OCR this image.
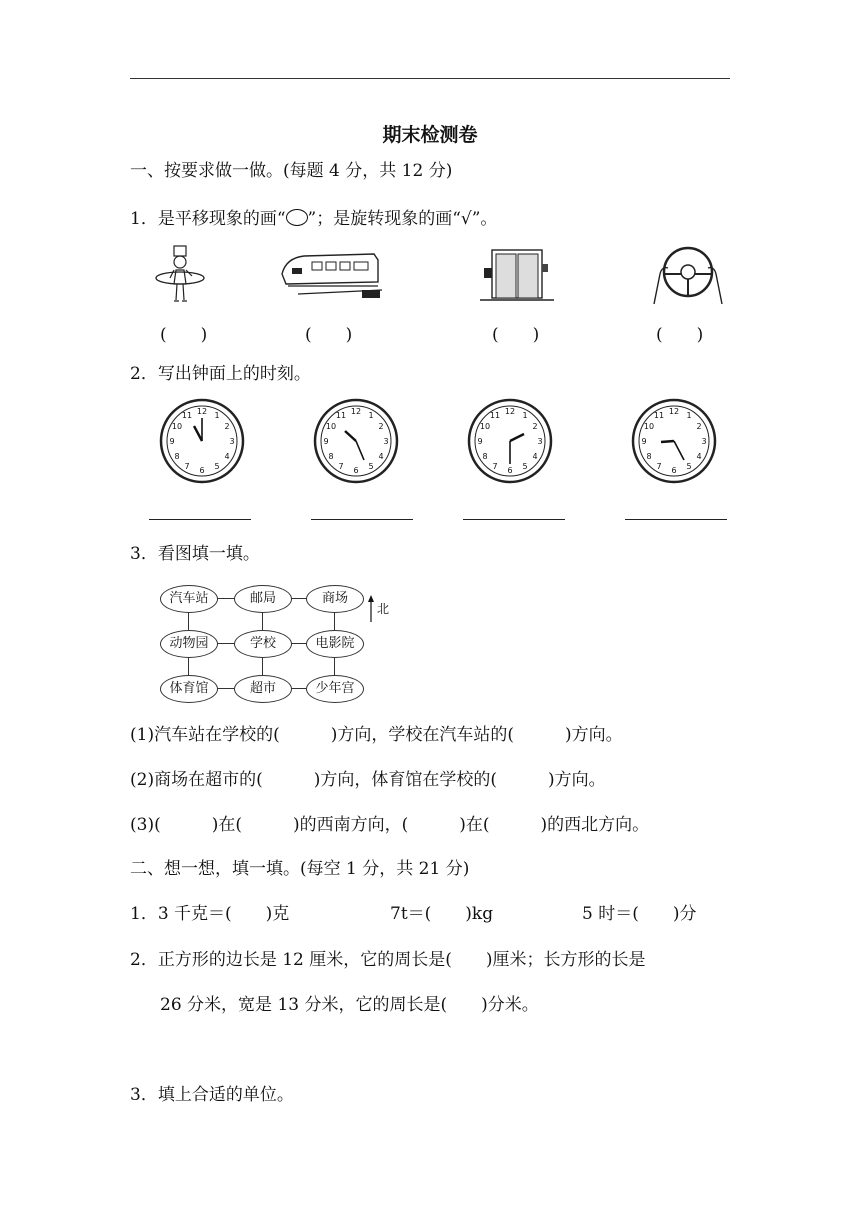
期末检测卷
一、按要求做一做。(每题 4 分，共 12 分)
1．是平移现象的画“○”；是旋转现象的画“√”。
(　　)	(　　)	(　　)	(　　)
2．写出钟面上的时刻。
12
3
6
9
1
2
4
5
7
8
10
11	12
3
6
9
1
2
4
5
7
8
10
11	12
3
6
9
1
2
4
5
7
8
10
11	12
3
6
9
1
2
4
5
7
8
10
11
3．看图填一填。
汽车站	邮局	商场
动物园	学校	电影院
体育馆	超市	少年宫
北
(1)汽车站在学校的(　　　)方向，学校在汽车站的(　　　)方向。
(2)商场在超市的(　　　)方向，体育馆在学校的(　　　)方向。
(3)(　　　)在(　　　)的西南方向，(　　　)在(　　　)的西北方向。
二、想一想，填一填。(每空 1 分，共 21 分)
1．3 千克＝(　　)克	7t＝(　　)kg	5 时＝(　　)分
2．正方形的边长是 12 厘米，它的周长是(　　)厘米；长方形的长是
26 分米，宽是 13 分米，它的周长是(　　)分米。
3．填上合适的单位。
